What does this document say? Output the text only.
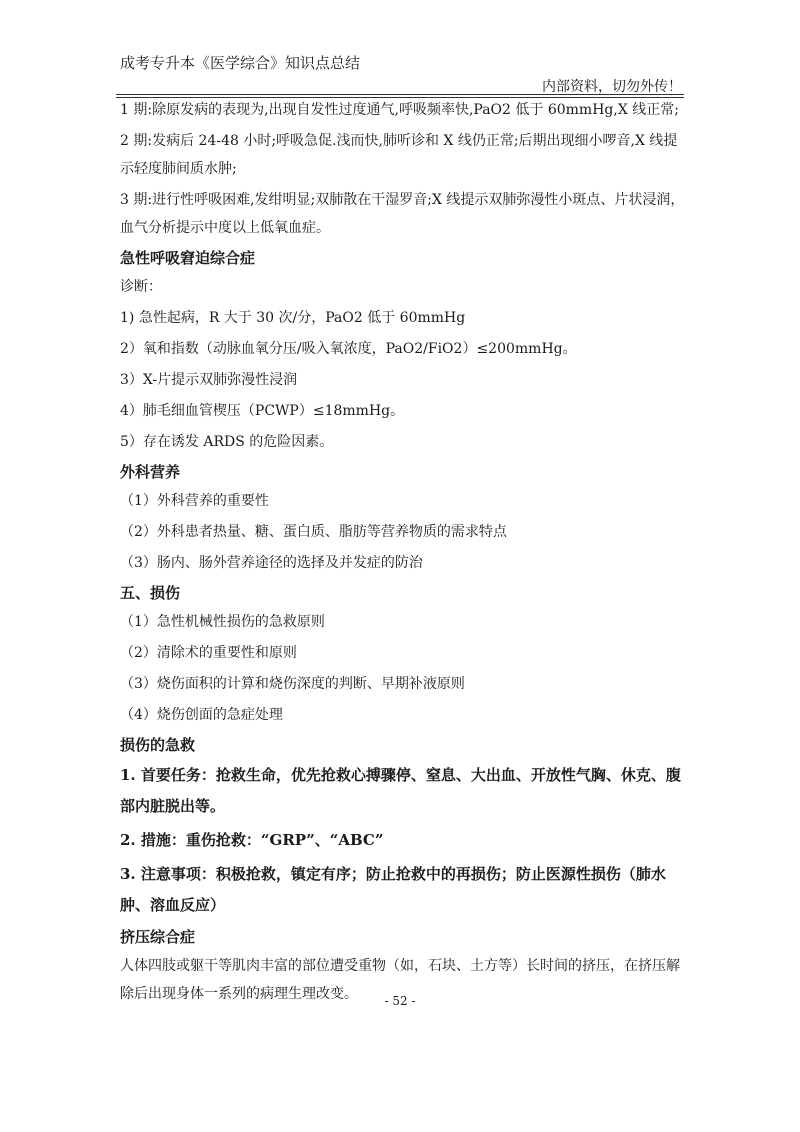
成考专升本《医学综合》知识点总结
内部资料，切勿外传！

1 期:除原发病的表现为,出现自发性过度通气,呼吸频率快,PaO2 低于 60mmHg,X 线正常;

2 期:发病后 24-48 小时;呼吸急促.浅而快,肺听诊和 X 线仍正常;后期出现细小啰音,X 线提示轻度肺间质水肿;

3 期:进行性呼吸困难,发绀明显;双肺散在干湿罗音;X 线提示双肺弥漫性小斑点、片状浸润，血气分析提示中度以上低氧血症。

急性呼吸窘迫综合症

诊断：

1) 急性起病，R 大于 30 次/分，PaO2 低于 60mmHg

2）氧和指数（动脉血氧分压/吸入氧浓度，PaO2/FiO2）≤200mmHg。

3）X-片提示双肺弥漫性浸润

4）肺毛细血管楔压（PCWP）≤18mmHg。

5）存在诱发 ARDS 的危险因素。

外科营养

（1）外科营养的重要性

（2）外科患者热量、糖、蛋白质、脂肪等营养物质的需求特点

（3）肠内、肠外营养途径的选择及并发症的防治

五、损伤

（1）急性机械性损伤的急救原则

（2）清除术的重要性和原则

（3）烧伤面积的计算和烧伤深度的判断、早期补液原则

（4）烧伤创面的急症处理

损伤的急救

1. 首要任务：抢救生命，优先抢救心搏骤停、窒息、大出血、开放性气胸、休克、腹部内脏脱出等。

2. 措施：重伤抢救：“GRP”、“ABC”

3. 注意事项：积极抢救，镇定有序；防止抢救中的再损伤；防止医源性损伤（肺水肿、溶血反应）

挤压综合症

人体四肢或躯干等肌肉丰富的部位遭受重物（如，石块、土方等）长时间的挤压，在挤压解除后出现身体一系列的病理生理改变。	- 52 -
